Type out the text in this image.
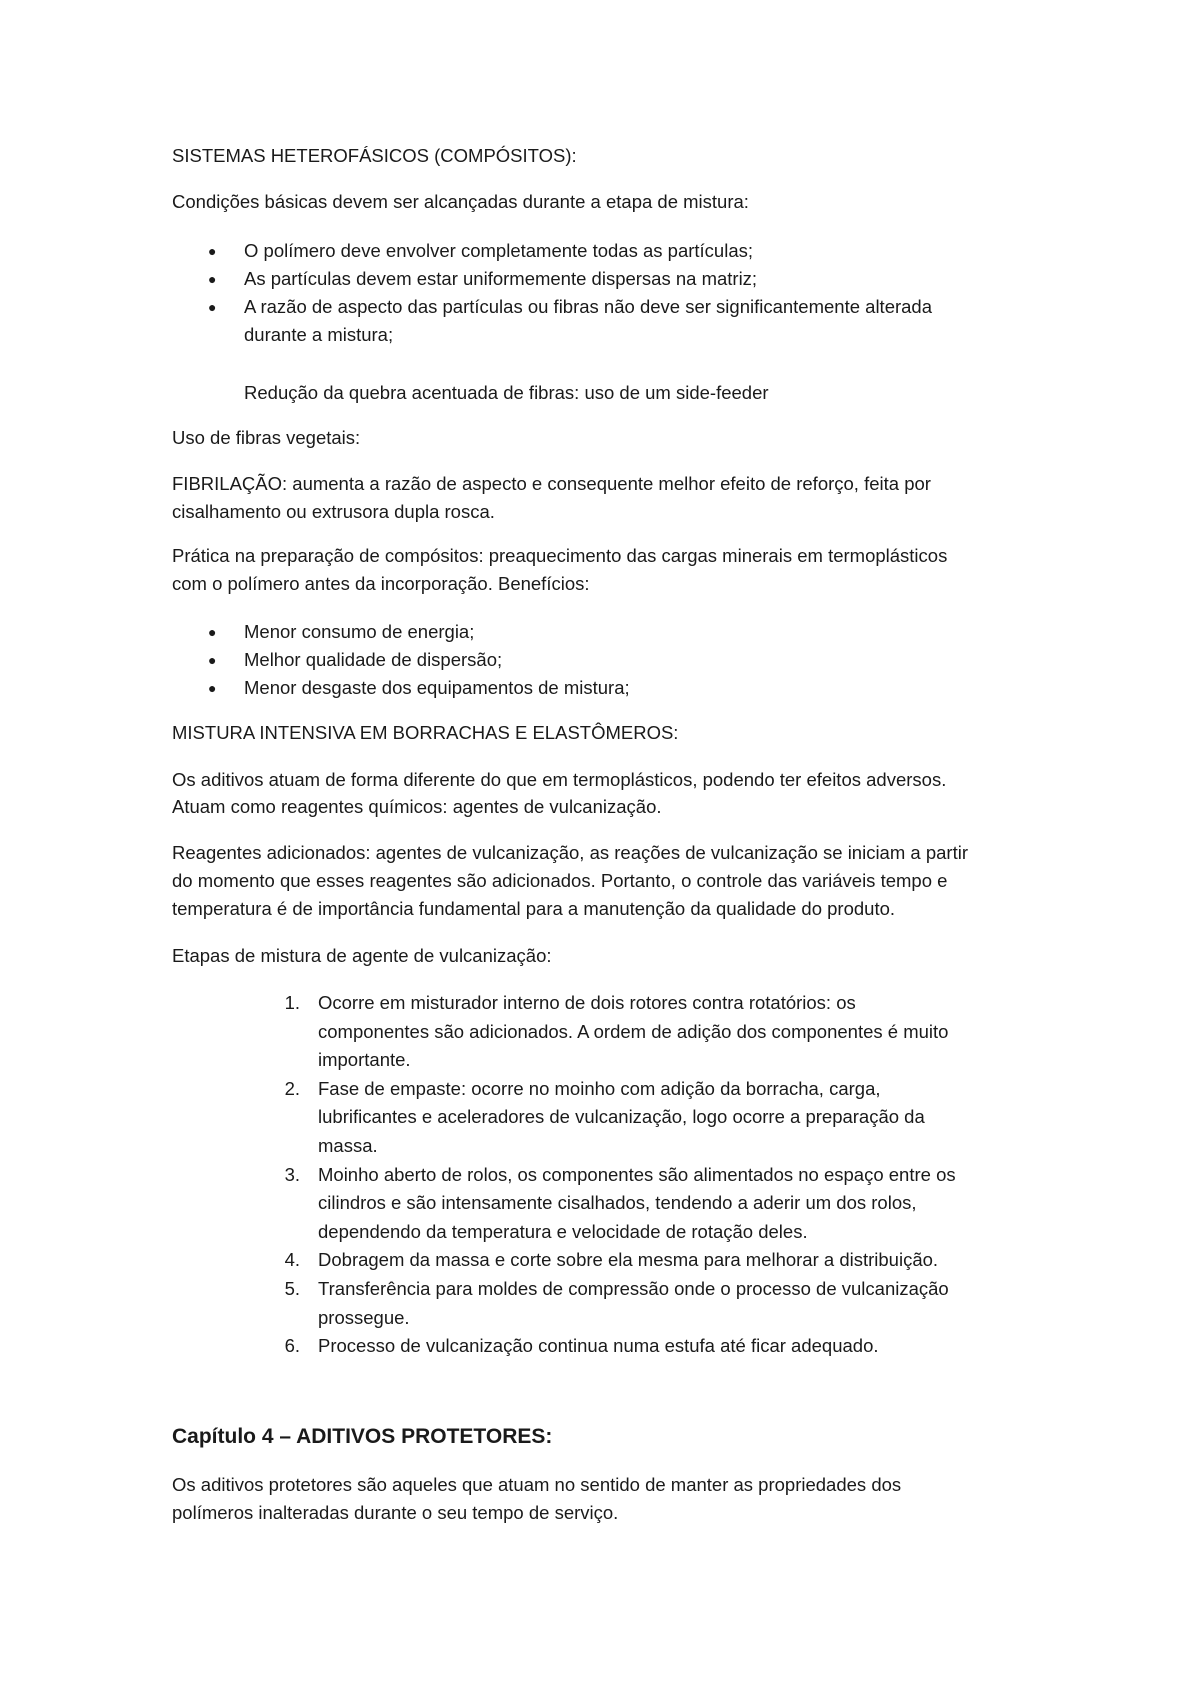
SISTEMAS HETEROFÁSICOS (COMPÓSITOS):
Condições básicas devem ser alcançadas durante a etapa de mistura:
● O polímero deve envolver completamente todas as partículas;
● As partículas devem estar uniformemente dispersas na matriz;
● A razão de aspecto das partículas ou fibras não deve ser significantemente alterada
durante a mistura;
Redução da quebra acentuada de fibras: uso de um side-feeder
Uso de fibras vegetais:
FIBRILAÇÃO: aumenta a razão de aspecto e consequente melhor efeito de reforço, feita por
cisalhamento ou extrusora dupla rosca.
Prática na preparação de compósitos: preaquecimento das cargas minerais em termoplásticos
com o polímero antes da incorporação. Benefícios:
● Menor consumo de energia;
● Melhor qualidade de dispersão;
● Menor desgaste dos equipamentos de mistura;
MISTURA INTENSIVA EM BORRACHAS E ELASTÔMEROS:
Os aditivos atuam de forma diferente do que em termoplásticos, podendo ter efeitos adversos.
Atuam como reagentes químicos: agentes de vulcanização.
Reagentes adicionados: agentes de vulcanização, as reações de vulcanização se iniciam a partir
do momento que esses reagentes são adicionados. Portanto, o controle das variáveis tempo e
temperatura é de importância fundamental para a manutenção da qualidade do produto.
Etapas de mistura de agente de vulcanização:
1. Ocorre em misturador interno de dois rotores contra rotatórios: os
componentes são adicionados. A ordem de adição dos componentes é muito
importante.
2. Fase de empaste: ocorre no moinho com adição da borracha, carga,
lubrificantes e aceleradores de vulcanização, logo ocorre a preparação da
massa.
3. Moinho aberto de rolos, os componentes são alimentados no espaço entre os
cilindros e são intensamente cisalhados, tendendo a aderir um dos rolos,
dependendo da temperatura e velocidade de rotação deles.
4. Dobragem da massa e corte sobre ela mesma para melhorar a distribuição.
5. Transferência para moldes de compressão onde o processo de vulcanização
prossegue.
6. Processo de vulcanização continua numa estufa até ficar adequado.
Capítulo 4 – ADITIVOS PROTETORES:
Os aditivos protetores são aqueles que atuam no sentido de manter as propriedades dos
polímeros inalteradas durante o seu tempo de serviço.
